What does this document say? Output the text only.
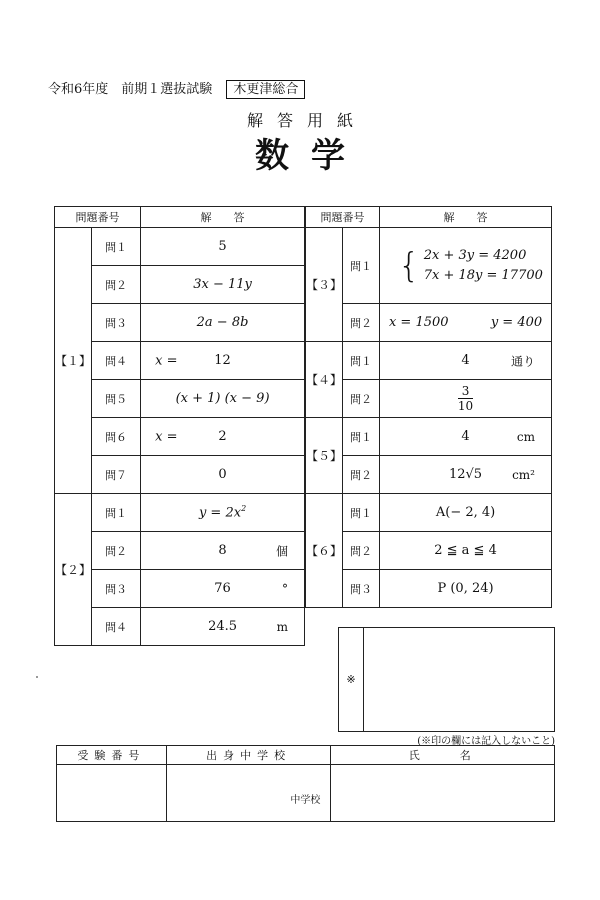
令和6年度　前期１選抜試験 木更津総合
解答用紙
数学
問題番号		解　　答
【１】	問１	5
	問２	3x − 11y
	問３	2a − 8b
	問４	x = 12
	問５	(x + 1) (x − 9)
	問６	x = 2
	問７	0
【２】	問１	$y = 2x^2$
	問２	8 個

	問３	76 °

	問４	24.5 m
問題番号		解　　答
【３】	問１	{ 2x + 3y = 4200
7x + 18y = 17700

	問２	x = 1500 y = 400
【４】	問１	4 通り

	問２	$\frac{3}{10}$

【５】	問１	4 cm

	問２	12√5 cm²

【６】	問１	A(− 2, 4)
	問２	2 ≦ a ≦ 4
	問３	P (0, 24)
※
(※印の欄には記入しないこと)
受験番号	出身中学校	氏　　名

	中学校	
